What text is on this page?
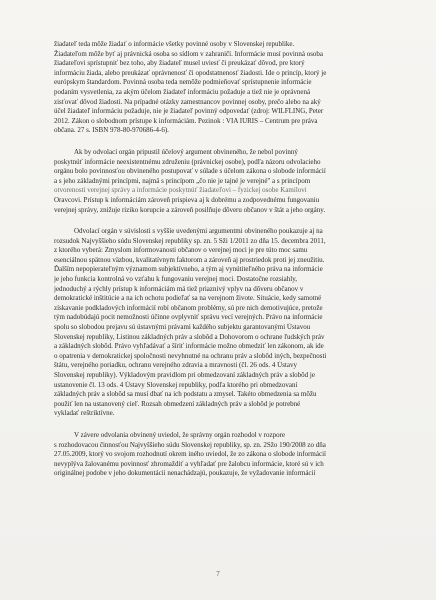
žiadateľ teda môže žiadať o informácie všetky povinné osoby v Slovenskej republike.
Žiadateľom môže byť aj právnická osoba so sídlom v zahraničí. Informácie musí povinná osoba
žiadateľovi sprístupniť bez toho, aby žiadateľ musel uviesť či preukázať dôvod, pre ktorý
informáciu žiada, alebo preukázať oprávnenosť či opodstatnenosť žiadosti. Ide o princíp, ktorý je
európskym štandardom. Povinná osoba teda nemôže podmieňovať sprístupnenie informácie
podaním vysvetlenia, za akým účelom žiadateľ informáciu požaduje a tiež nie je oprávnená
zisťovať dôvod žiadosti. Na prípadné otázky zamestnancov povinnej osoby, prečo alebo na aký
účel žiadateľ informáciu požaduje, nie je žiadateľ povinný odpovedať (zdroj: WILFLING, Peter
2012. Zákon o slobodnom prístupe k informáciám. Pezinok : VIA IURIS – Centrum pre práva
občana. 27 s. ISBN 978-80-970686-4-6).
Ak by odvolací orgán pripustil účelový argument obvineného, že nebol povinný
poskytnúť informácie neexistentnému združeniu (právnickej osobe), podľa názoru odvolacieho
orgánu bolo povinnosťou obvineného postupovať v súlade s účelom zákona o slobode informácií
a s jeho základnými princípmi, najmä s princípom „čo nie je tajné je verejné" a s princípom
otvorenosti verejnej správy a informácie poskytnúť žiadateľovi – fyzickej osobe Kamilovi
Oravcovi. Prístup k informáciám zároveň prispieva aj k dobrému a zodpovednému fungovaniu
verejnej správy, znižuje riziko korupcie a zároveň posilňuje dôveru občanov v štát a jeho orgány.
Odvolací orgán v súvislosti s vyššie uvedenými argumentmi obvineného poukazuje aj na
rozsudok Najvyššieho súdu Slovenskej republiky sp. zn. 5 Sži 1/2011 zo dňa 15. decembra 2011,
z ktorého vyberá: Zmyslom informovanosti občanov o verejnej moci je pre túto moc samu
esenciálnou spätnou väzbou, kvalitatívnym faktorom a zároveň aj prostriedok proti jej zneužitiu.
Ďalším nepopierateľným významom subjektívneho, a tým aj vynútiteľného práva na informácie
je jeho funkcia kontrolná vo vzťahu k fungovaniu verejnej moci. Dostatočne rozsiahly,
jednoduchý a rýchly prístup k informáciám má tiež priaznivý vplyv na dôveru občanov v
demokratické inštitúcie a na ich ochotu podieľať sa na verejnom živote. Situácie, kedy samotné
získavanie podkladových informácií robí občanom problémy, sú pre nich demotivujúce, pretože
tým nadobúdajú pocit nemožnosti účinne ovplyvniť správu vecí verejných. Právo na informácie
spolu so slobodou prejavu sú ústavnými právami každého subjektu garantovanými Ústavou
Slovenskej republiky, Listinou základných práv a slobôd a Dohovorom o ochrane ľudských práv
a základných slobôd. Právo vyhľadávať a šíriť informácie možno obmedziť len zákonom, ak ide
o opatrenia v demokratickej spoločnosti nevyhnutné na ochranu práv a slobôd iných, bezpečnosti
štátu, verejného poriadku, ochranu verejného zdravia a mravnosti (čl. 26 ods. 4 Ústavy
Slovenskej republiky). Výkladovým pravidlom pri obmedzovaní základných práv a slobôd je
ustanovenie čl. 13 ods. 4 Ústavy Slovenskej republiky, podľa ktorého pri obmedzovaní
základných práv a slobôd sa musí dbať na ich podstatu a zmysel. Takéto obmedzenia sa môžu
použiť len na ustanovený cieľ. Rozsah obmedzení základných práv a slobôd je potrebné
vykladať reštriktívne.
V závere odvolania obvinený uviedol, že správny orgán rozhodol v rozpore
s rozhodovacou činnosťou Najvyššieho súdu Slovenskej republiky, sp. zn. 2Sžo 190/2008 zo dňa
27.05.2009, ktorý vo svojom rozhodnutí okrem iného uviedol, že zo zákona o slobode informácií
nevyplýva žalovanému povinnosť zhromaždiť a vyhľadať pre žalobcu informácie, ktoré sú v ich
originálnej podobe v jeho dokumentácii nenachádzajú, poukazuje, že vyžadovanie informácií
7
